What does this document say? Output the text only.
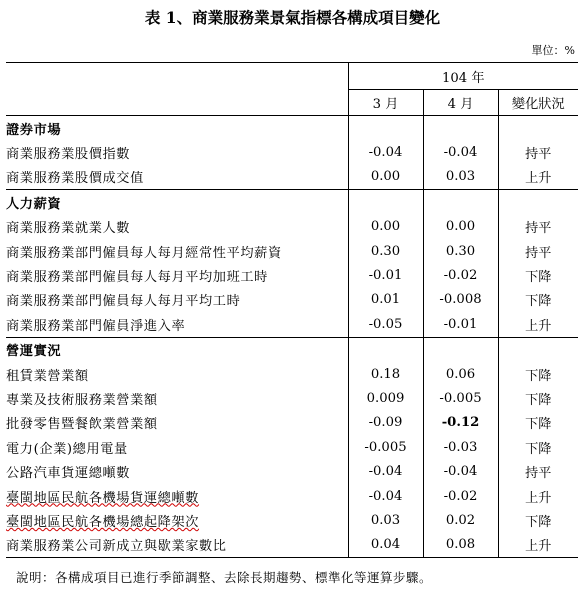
表 1、商業服務業景氣指標各構成項目變化
單位：%
	104 年		
	3 月	4 月	變化狀況
證券市場			
商業服務業股價指數	-0.04	-0.04	持平
商業服務業股價成交值	0.00	0.03	上升
人力薪資			
商業服務業就業人數	0.00	0.00	持平
商業服務業部門僱員每人每月經常性平均薪資	0.30	0.30	持平
商業服務業部門僱員每人每月平均加班工時	-0.01	-0.02	下降
商業服務業部門僱員每人每月平均工時	0.01	-0.008	下降
商業服務業部門僱員淨進入率	-0.05	-0.01	上升
營運實況			
租賃業營業額	0.18	0.06	下降
專業及技術服務業營業額	0.009	-0.005	下降
批發零售暨餐飲業營業額	-0.09	-0.12	下降
電力(企業)總用電量	-0.005	-0.03	下降
公路汽車貨運總噸數	-0.04	-0.04	持平
臺閩地區民航各機場貨運總噸數	-0.04	-0.02	上升
臺閩地區民航各機場總起降架次	0.03	0.02	下降
商業服務業公司新成立與歇業家數比	0.04	0.08	上升
說明：各構成項目已進行季節調整、去除長期趨勢、標準化等運算步驟。
